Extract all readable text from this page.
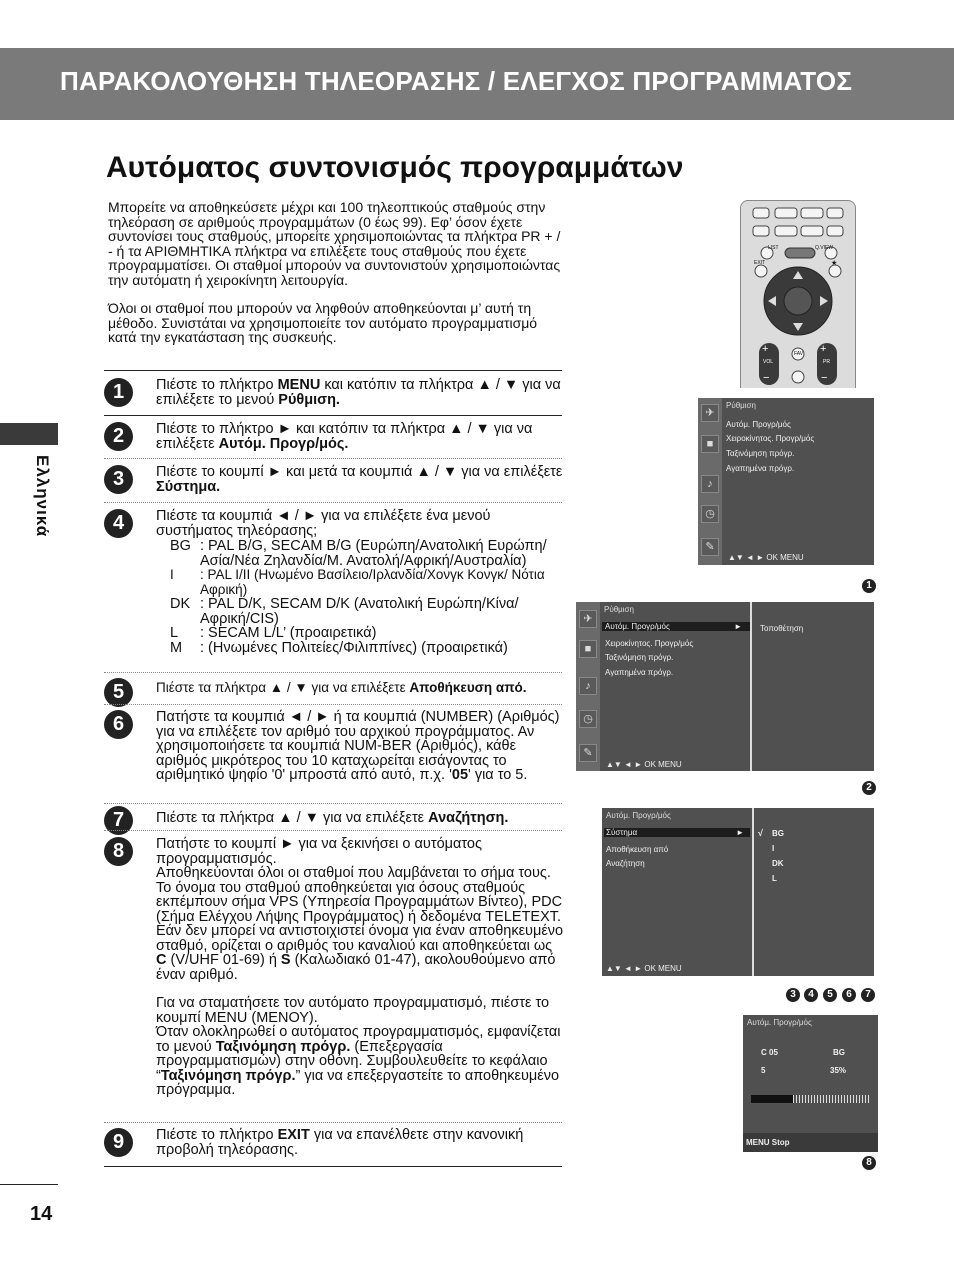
ΠΑΡΑΚΟΛΟΥΘΗΣΗ ΤΗΛΕΟΡΑΣΗΣ / ΕΛΕΓΧΟΣ ΠΡΟΓΡΑΜΜΑΤΟΣ
Αυτόματος συντονισμός προγραμμάτων
Ελληνικά

Μπορείτε να αποθηκεύσετε μέχρι και 100 τηλεοπτικούς σταθμούς στην τηλεόραση σε αριθμούς προγραμμάτων (0 έως 99). Εφ’ όσον έχετε συντονίσει τους σταθμούς, μπορείτε χρησιμοποιώντας τα πλήκτρα PR + / - ή τα ΑΡΙΘΜΗΤΙΚΑ πλήκτρα να επιλέξετε τους σταθμούς που έχετε προγραμματίσει. Οι σταθμοί μπορούν να συντονιστούν χρησιμοποιώντας την αυτόματη ή χειροκίνητη λειτουργία.

Όλοι οι σταθμοί που μπορούν να ληφθούν αποθηκεύονται μ’ αυτή τη μέθοδο. Συνιστάται να χρησιμοποιείτε τον αυτόματο προγραμματισμό κατά την εγκατάσταση της συσκευής.

1	Πιέστε το πλήκτρο MENU και κατόπιν τα πλήκτρα ▲ / ▼ για να επιλέξετε το μενού Ρύθμιση.
2	Πιέστε το πλήκτρο ► και κατόπιν τα πλήκτρα ▲ / ▼ για να επιλέξετε Αυτόμ. Προγρ/μός.
3	Πιέστε το κουμπί ► και μετά τα κουμπιά ▲ / ▼ για να επιλέξετε Σύστημα.
4	Πιέστε τα κουμπιά ◄ / ► για να επιλέξετε ένα μενού συστήματος τηλεόρασης;
BG : PAL B/G, SECAM B/G (Ευρώπη/Ανατολική Ευρώπη/Ασία/Νέα Ζηλανδία/Μ. Ανατολή/Αφρική/Αυστραλία)
I	: PAL I/II (Ηνωμένο Βασίλειο/Ιρλανδία/Χονγκ Κονγκ/ Νότια Αφρική)
DK : PAL D/K, SECAM D/K (Ανατολική Ευρώπη/Κίνα/Αφρική/CIS)
L	: SECAM L/L’ (προαιρετικά)
M	: (Ηνωμένες Πολιτείες/Φιλιππίνες) (προαιρετικά)
5	Πιέστε τα πλήκτρα ▲ / ▼ για να επιλέξετε Αποθήκευση από.
6	Πατήστε τα κουμπιά ◄ / ► ή τα κουμπιά (NUMBER) (Αριθμός) για να επιλέξετε τον αριθμό του αρχικού προγράμματος. Αν χρησιμοποιήσετε τα κουμπιά NUM-BER (Αριθμός), κάθε αριθμός μικρότερος του 10 καταχωρείται εισάγοντας το αριθμητικό ψηφίο '0' μπροστά από αυτό, π.χ. '05' για το 5.
7	Πιέστε τα πλήκτρα ▲ / ▼ για να επιλέξετε Αναζήτηση.
8	Πατήστε το κουμπί ► για να ξεκινήσει ο αυτόματος προγραμματισμός.
Αποθηκεύονται όλοι οι σταθμοί που λαμβάνεται το σήμα τους. Το όνομα του σταθμού αποθηκεύεται για όσους σταθμούς εκπέμπουν σήμα VPS (Υπηρεσία Προγραμμάτων Βίντεο), PDC (Σήμα Ελέγχου Λήψης Προγράμματος) ή δεδομένα TELETEXT. Εάν δεν μπορεί να αντιστοιχιστεί όνομα για έναν αποθηκευμένο σταθμό, ορίζεται ο αριθμός του καναλιού και αποθηκεύεται ως C (V/UHF 01-69) ή S (Καλωδιακό 01-47), ακολουθούμενο από έναν αριθμό.
Για να σταματήσετε τον αυτόματο προγραμματισμό, πιέστε το κουμπί MENU (ΜΕΝΟΥ).
Όταν ολοκληρωθεί ο αυτόματος προγραμματισμός, εμφανίζεται το μενού Ταξινόμηση πρόγρ. (Επεξεργασία προγραμματισμών) στην οθόνη. Συμβουλευθείτε το κεφάλαιο “Ταξινόμηση πρόγρ.” για να επεξεργαστείτε το αποθηκευμένο πρόγραμμα.
9	Πιέστε το πλήκτρο EXIT για να επανέλθετε στην κανονική προβολή τηλεόρασης.
+	+
−	−
LIST	Q.VIEW
EXIT	★
VOL
FAV
PR
✈
■
♪
◷
✎
Ρύθμιση
Αυτόμ. Προγρ/μός
Χειροκίνητος. Προγρ/μός
Ταξινόμηση πρόγρ.
Αγαπημένα πρόγρ.
▲▼ ◄ ► OK MENU
1
✈
■
♪
◷
✎
Ρύθμιση
Αυτόμ. Προγρ/μός	►
Χειροκίνητος. Προγρ/μός
Ταξινόμηση πρόγρ.
Αγαπημένα πρόγρ.
Τοποθέτηση
▲▼ ◄ ► OK MENU
2
Αυτόμ. Προγρ/μός
Σύστημα	►
Αποθήκευση από
Αναζήτηση
√ BG
I
DK
L
▲▼ ◄ ► OK MENU
3	4	5	6	7
Αυτόμ. Προγρ/μός
C 05	BG
5	35%
MENU Stop
8
14
